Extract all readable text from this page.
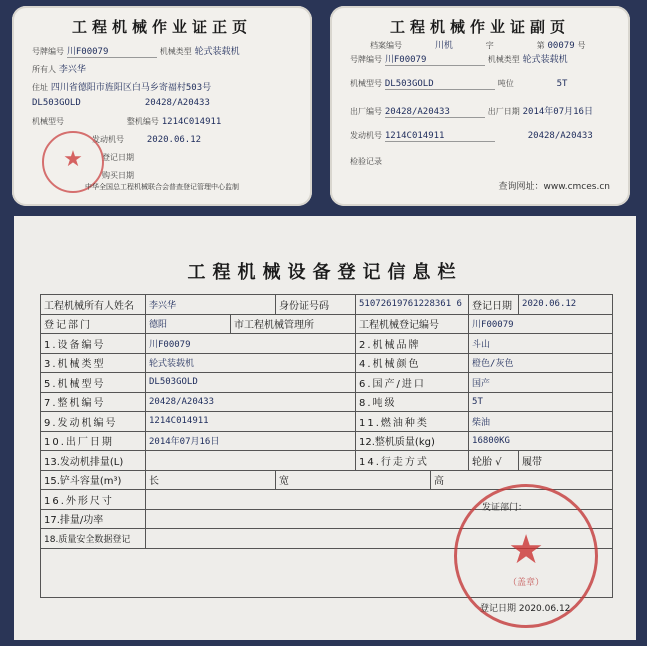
工程机械作业证正页
号牌编号 川F00079	机械类型 轮式装载机
所有人 李兴华
住址 四川省德阳市旌阳区白马乡寄福村503号
DL503GOLD	20428/A20433
机械型号	整机编号 1214C014911
发动机号	2020.06.12
登记日期
购买日期
★
中华全国总工程机械联合会普查登记管理中心监制
工程机械作业证副页
档案编号	川机	字	第 00079 号
号牌编号 川F00079	机械类型 轮式装载机
机械型号 DL503GOLD	吨位	5T
出厂编号 20428/A20433	出厂日期 2014年07月16日
发动机号 1214C014911	20428/A20433
检验记录
查询网址：www.cmces.cn
工程机械设备登记信息栏
工程机械所有人姓名	李兴华		身份证号码	51072619761228361 6		登记日期	2020.06.12
登记部门	德阳	市工程机械管理所		工程机械登记编号		川F00079	
1.设备编号	川F00079			2.机械品牌		斗山	
3.机械类型	轮式装载机			4.机械颜色		橙色/灰色	
5.机械型号	DL503GOLD			6.国产/进口		国产	
7.整机编号	20428/A20433			8.吨级		5T	
9.发动机编号	1214C014911			11.燃油种类		柴油	
10.出厂日期	2014年07月16日			12.整机质量(kg)		16800KG	
13.发动机排量(L)				14.行走方式		轮胎 √	履带
15.铲斗容量(m³)	长		宽		高		
16.外形尺寸							
17.排量/功率							
18.质量安全数据登记								★
（盖章）
发证部门：
登记日期 2020.06.12
